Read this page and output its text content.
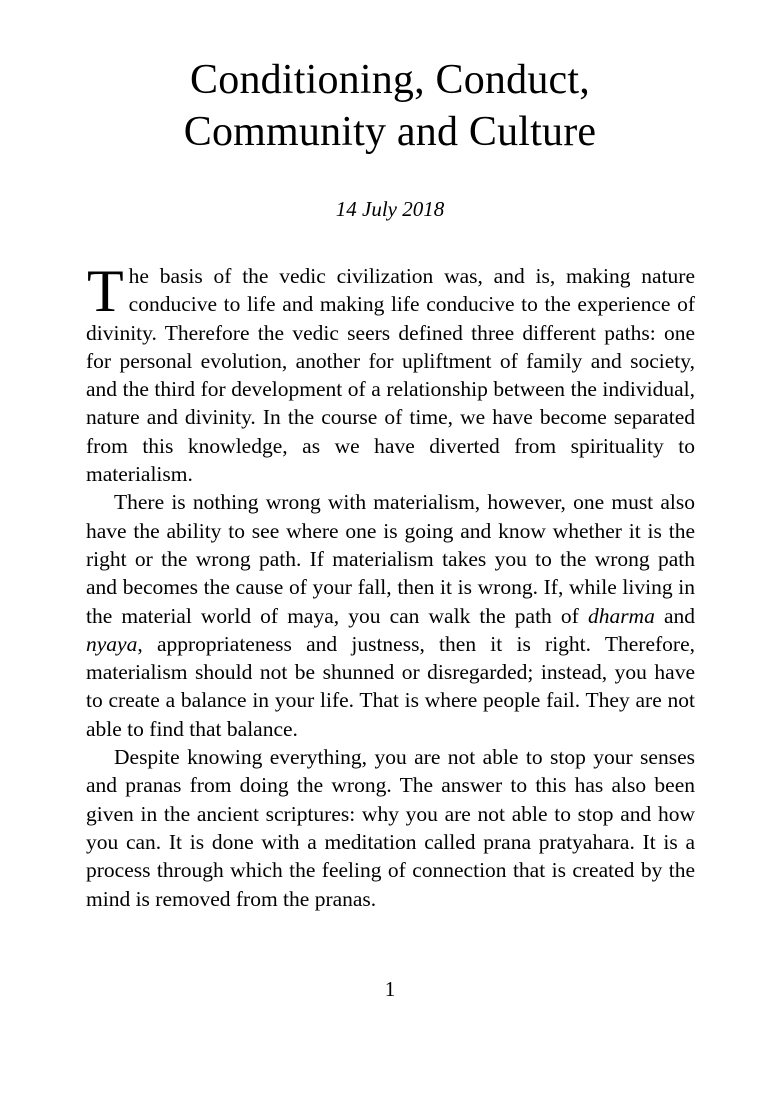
Conditioning, Conduct,
Community and Culture
14 July 2018

The basis of the vedic civilization was, and is, making nature conducive to life and making life conducive to the experience of divinity. Therefore the vedic seers defined three different paths: one for personal evolution, another for upliftment of family and society, and the third for development of a relationship between the individual, nature and divinity. In the course of time, we have become separated from this knowledge, as we have diverted from spirituality to materialism.

There is nothing wrong with materialism, however, one must also have the ability to see where one is going and know whether it is the right or the wrong path. If materialism takes you to the wrong path and becomes the cause of your fall, then it is wrong. If, while living in the material world of maya, you can walk the path of dharma and nyaya, appropriateness and justness, then it is right. Therefore, materialism should not be shunned or disregarded; instead, you have to create a balance in your life. That is where people fail. They are not able to find that balance.

Despite knowing everything, you are not able to stop your senses and pranas from doing the wrong. The answer to this has also been given in the ancient scriptures: why you are not able to stop and how you can. It is done with a meditation called prana pratyahara. It is a process through which the feeling of connection that is created by the mind is removed from the pranas.

1
